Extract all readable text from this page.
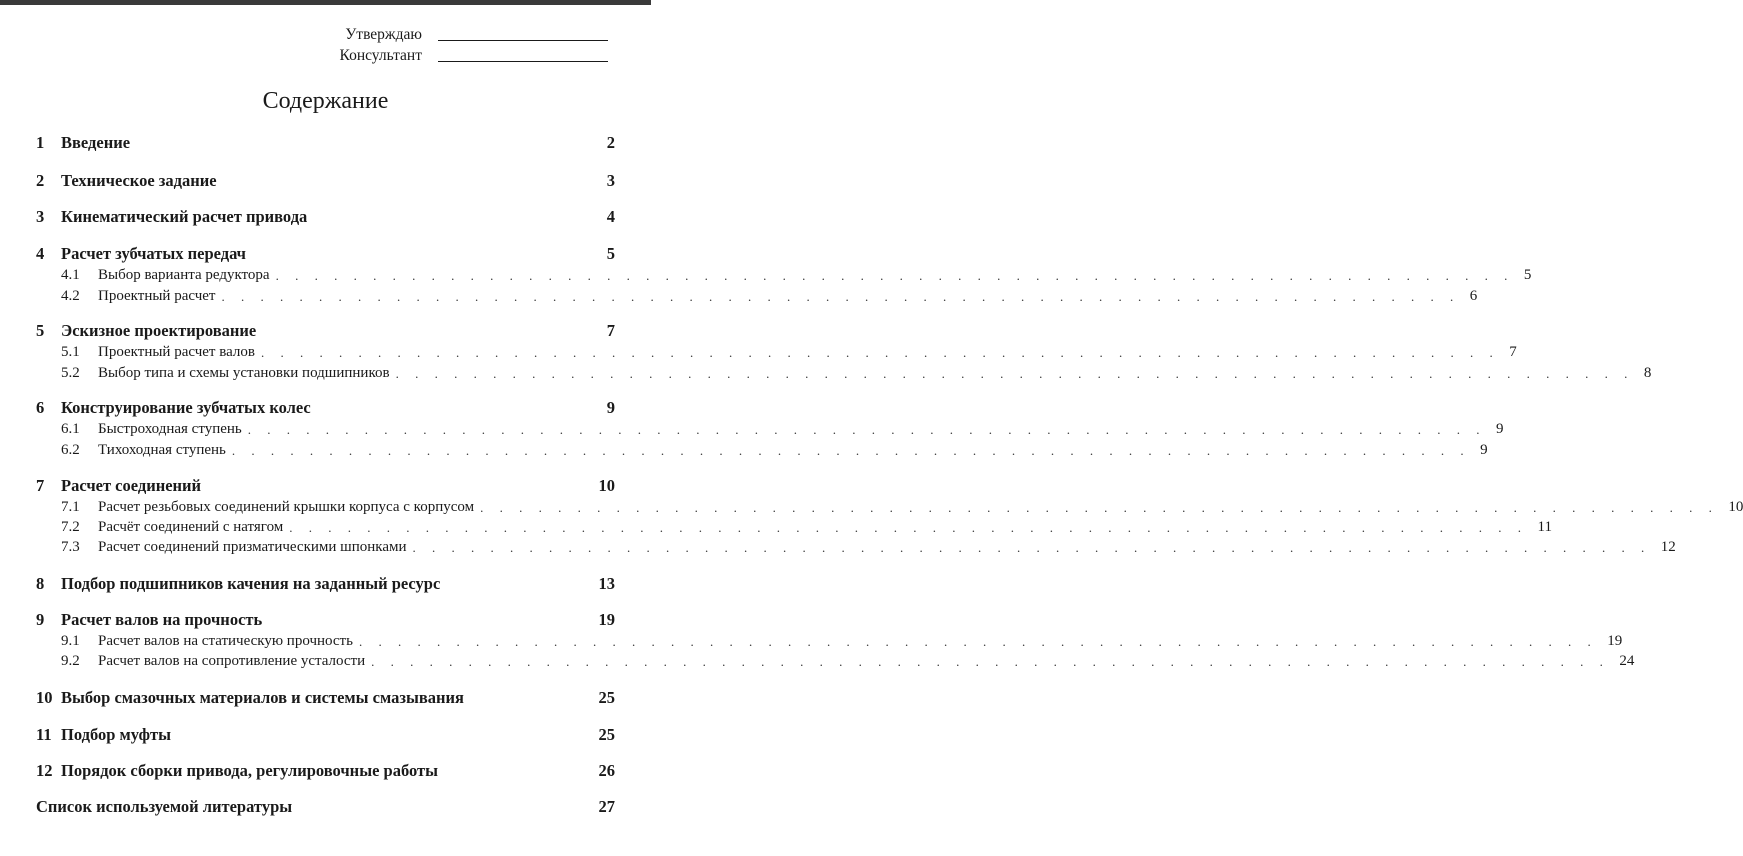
Утверждаю
Консультант
Содержание
1	Введение	2
2	Техническое задание	3
3	Кинематический расчет привода	4
4	Расчет зубчатых передач	5
4.1	Выбор варианта редуктора . . . . . . . . . . . . . . . . . . . . . . . . . . . . . . . . . . . . . . . . . . . . . . . . . . . . . . . . . . . . . . . . 5
4.2	Проектный расчет . . . . . . . . . . . . . . . . . . . . . . . . . . . . . . . . . . . . . . . . . . . . . . . . . . . . . . . . . . . . . . . . 6
5	Эскизное проектирование	7
5.1	Проектный расчет валов . . . . . . . . . . . . . . . . . . . . . . . . . . . . . . . . . . . . . . . . . . . . . . . . . . . . . . . . . . . . . . . . 7
5.2	Выбор типа и схемы установки подшипников . . . . . . . . . . . . . . . . . . . . . . . . . . . . . . . . . . . . . . . . . . . . . . . . . . . . . . . . . . . . . . . . 8
6	Конструирование зубчатых колес	9
6.1	Быстроходная ступень . . . . . . . . . . . . . . . . . . . . . . . . . . . . . . . . . . . . . . . . . . . . . . . . . . . . . . . . . . . . . . . . 9
6.2	Тихоходная ступень . . . . . . . . . . . . . . . . . . . . . . . . . . . . . . . . . . . . . . . . . . . . . . . . . . . . . . . . . . . . . . . . 9
7	Расчет соединений	10
7.1	Расчет резьбовых соединений крышки корпуса с корпусом . . . . . . . . . . . . . . . . . . . . . . . . . . . . . . . . . . . . . . . . . . . . . . . . . . . . . . . . . . . . . . . . 10
7.2	Расчёт соединений с натягом . . . . . . . . . . . . . . . . . . . . . . . . . . . . . . . . . . . . . . . . . . . . . . . . . . . . . . . . . . . . . . . . 11
7.3	Расчет соединений призматическими шпонками . . . . . . . . . . . . . . . . . . . . . . . . . . . . . . . . . . . . . . . . . . . . . . . . . . . . . . . . . . . . . . . . 12
8	Подбор подшипников качения на заданный ресурс	13
9	Расчет валов на прочность	19
9.1	Расчет валов на статическую прочность . . . . . . . . . . . . . . . . . . . . . . . . . . . . . . . . . . . . . . . . . . . . . . . . . . . . . . . . . . . . . . . . 19
9.2	Расчет валов на сопротивление усталости . . . . . . . . . . . . . . . . . . . . . . . . . . . . . . . . . . . . . . . . . . . . . . . . . . . . . . . . . . . . . . . . 24
10 Выбор смазочных материалов и системы смазывания	25
11 Подбор муфты	25
12 Порядок сборки привода, регулировочные работы	26
Список используемой литературы	27
